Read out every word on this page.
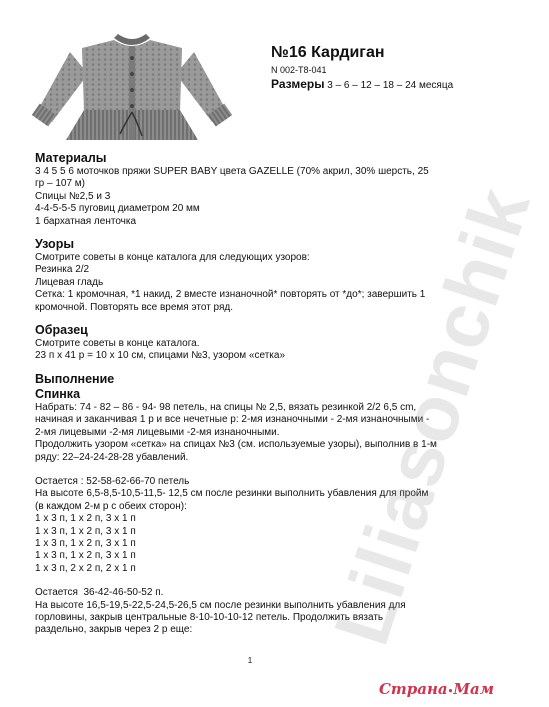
№16 Кардиган
N 002-T8-041
Размеры 3 – 6 – 12 – 18 – 24 месяца

Материалы

3 4 5 5 6 моточков пряжи SUPER BABY цвета GAZELLE (70% акрил, 30% шерсть, 25

гр – 107 м)

Спицы №2,5 и 3

4-4-5-5-5 пуговиц диаметром 20 мм

1 бархатная ленточка

Узоры

Смотрите советы в конце каталога для следующих узоров:

Резинка 2/2

Лицевая гладь

Сетка: 1 кромочная, *1 накид, 2 вместе изнаночной* повторять от *до*; завершить 1

кромочной. Повторять все время этот ряд.

Образец

Смотрите советы в конце каталога.

23 п х 41 р = 10 х 10 см, спицами №3, узором «сетка»

Выполнение

Спинка

Набрать: 74 - 82 – 86 - 94- 98 петель, на спицы № 2,5, вязать резинкой 2/2 6,5 cm,

начиная и заканчивая 1 р и все нечетные р: 2-мя изнаночными - 2-мя изнаночными -

2-мя лицевыми -2-мя лицевыми -2-мя изнаночными.

Продолжить узором «сетка» на спицах №3 (см. используемые узоры), выполнив в 1-м

ряду: 22–24-24-28-28 убавлений.

Остается : 52-58-62-66-70 петель

На высоте 6,5-8,5-10,5-11,5- 12,5 см после резинки выполнить убавления для пройм

(в каждом 2-м р с обеих сторон):

1 х 3 п, 1 х 2 п, 3 х 1 п

1 х 3 п, 1 х 2 п, 3 х 1 п

1 х 3 п, 1 х 2 п, 3 х 1 п

1 х 3 п, 1 х 2 п, 3 х 1 п

1 х 3 п, 2 х 2 п, 2 х 1 п

Остается  36-42-46-50-52 п.

На высоте 16,5-19,5-22,5-24,5-26,5 см после резинки выполнить убавления для

горловины, закрыв центральные 8-10-10-10-12 петель. Продолжить вязать

раздельно, закрыв через 2 р еще:

1
Liliasonchik
Страна•Мам
